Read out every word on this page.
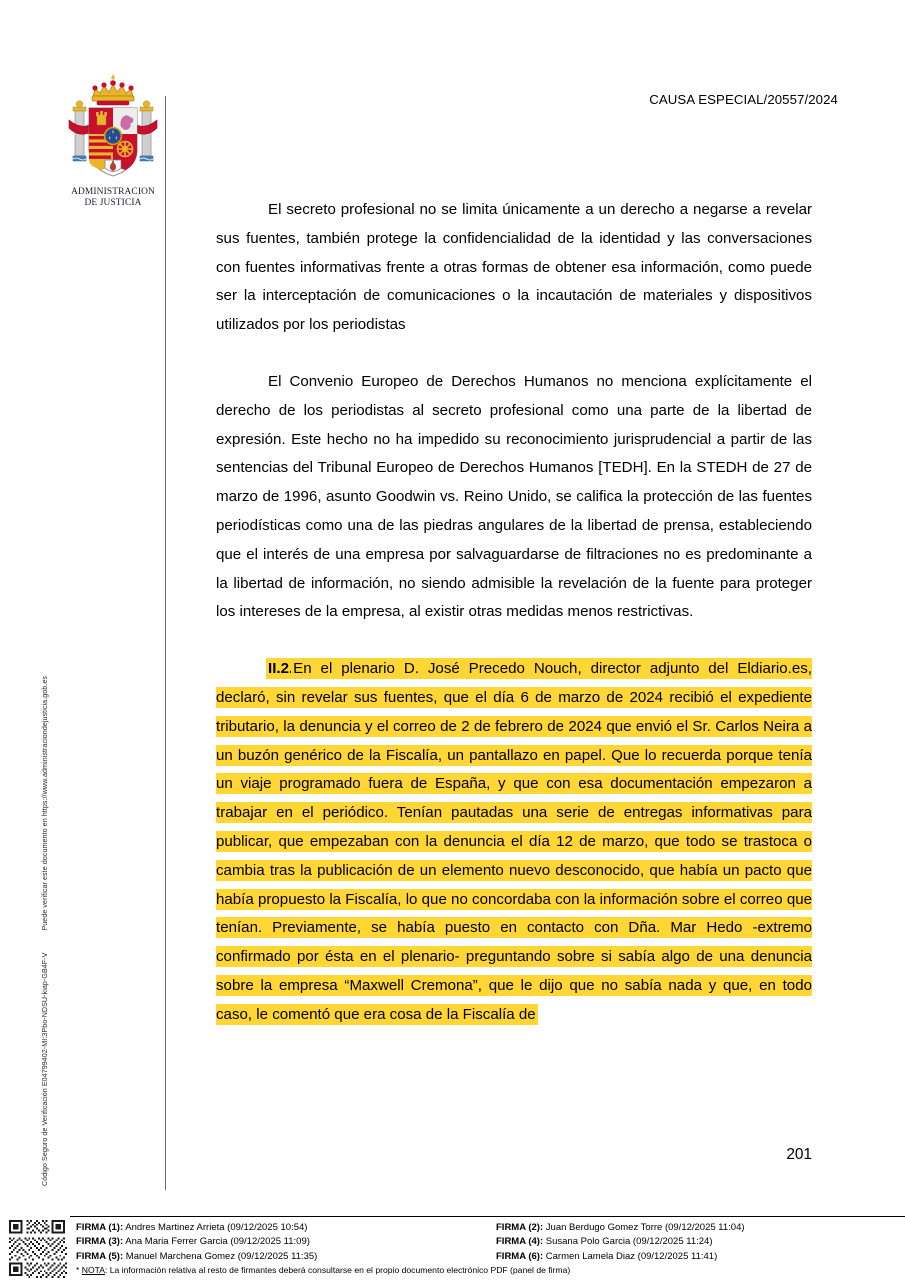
Código Seguro de Verificación E04799402-MI:3Pbo-NDSU-kiap-GB4F-VPuede verificar este documento en https://www.administraciondejusticia.gob.es
ADMINISTRACION
DE JUSTICIA
CAUSA ESPECIAL/20557/2024

El secreto profesional no se limita únicamente a un derecho a negarse a revelar sus fuentes, también protege la confidencialidad de la identidad y las conversaciones con fuentes informativas frente a otras formas de obtener esa información, como puede ser la interceptación de comunicaciones o la incautación de materiales y dispositivos utilizados por los periodistas

El Convenio Europeo de Derechos Humanos no menciona explícitamente el derecho de los periodistas al secreto profesional como una parte de la libertad de expresión. Este hecho no ha impedido su reconocimiento jurisprudencial a partir de las sentencias del Tribunal Europeo de Derechos Humanos [TEDH]. En la STEDH de 27 de marzo de 1996, asunto Goodwin vs. Reino Unido, se califica la protección de las fuentes periodísticas como una de las piedras angulares de la libertad de prensa, estableciendo que el interés de una empresa por salvaguardarse de filtraciones no es predominante a la libertad de información, no siendo admisible la revelación de la fuente para proteger los intereses de la empresa, al existir otras medidas menos restrictivas.

II.2.En el plenario D. José Precedo Nouch, director adjunto del Eldiario.es, declaró, sin revelar sus fuentes, que el día 6 de marzo de 2024 recibió el expediente tributario, la denuncia y el correo de 2 de febrero de 2024 que envió el Sr. Carlos Neira a un buzón genérico de la Fiscalía, un pantallazo en papel. Que lo recuerda porque tenía un viaje programado fuera de España, y que con esa documentación empezaron a trabajar en el periódico. Tenían pautadas una serie de entregas informativas para publicar, que empezaban con la denuncia el día 12 de marzo, que todo se trastoca o cambia tras la publicación de un elemento nuevo desconocido, que había un pacto que había propuesto la Fiscalía, lo que no concordaba con la información sobre el correo que tenían. Previamente, se había puesto en contacto con Dña. Mar Hedo -extremo confirmado por ésta en el plenario- preguntando sobre si sabía algo de una denuncia sobre la empresa “Maxwell Cremona”, que le dijo que no sabía nada y que, en todo caso, le comentó que era cosa de la Fiscalía de

201
FIRMA (1): Andres Martinez Arrieta (09/12/2025 10:54)	FIRMA (2): Juan Berdugo Gomez Torre (09/12/2025 11:04)
FIRMA (3): Ana Maria Ferrer Garcia (09/12/2025 11:09)	FIRMA (4): Susana Polo Garcia (09/12/2025 11:24)
FIRMA (5): Manuel Marchena Gomez (09/12/2025 11:35)	FIRMA (6): Carmen Lamela Diaz (09/12/2025 11:41)
* NOTA: La información relativa al resto de firmantes deberá consultarse en el propio documento electrónico PDF (panel de firma)
